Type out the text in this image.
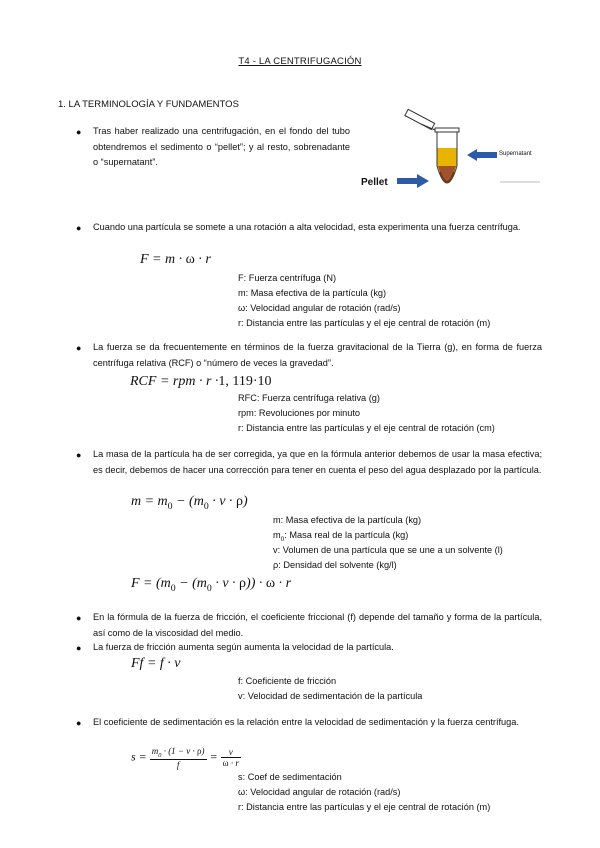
T4 - LA CENTRIFUGACIÓN
1. LA TERMINOLOGÍA Y FUNDAMENTOS
● Tras haber realizado una centrifugación, en el fondo del tubo obtendremos el sedimento o “pellet”; y al resto, sobrenadante o “supernatant”.
Supernatant
Pellet
● Cuando una partícula se somete a una rotación a alta velocidad, esta experimenta una fuerza centrífuga.
F = m · ω · r
F: Fuerza centrífuga (N)
m: Masa efectiva de la partícula (kg)
ω: Velocidad angular de rotación (rad/s)
r: Distancia entre las partículas y el eje central de rotación (m)
● La fuerza se da frecuentemente en términos de la fuerza gravitacional de la Tierra (g), en forma de fuerza centrífuga relativa (RCF) o “número de veces la gravedad”.
RCF = rpm · r ·1, 119·10
RFC: Fuerza centrífuga relativa (g)
rpm: Revoluciones por minuto
r: Distancia entre las partículas y el eje central de rotación (cm)
● La masa de la partícula ha de ser corregida, ya que en la fórmula anterior debemos de usar la masa efectiva; es decir, debemos de hacer una corrección para tener en cuenta el peso del agua desplazado por la partícula.
$m = m_0 - (m_0 \cdot v \cdot \rho)$
m: Masa efectiva de la partícula (kg)
$m_0$: Masa real de la partícula (kg)
v: Volumen de una partícula que se une a un solvente (l)
ρ: Densidad del solvente (kg/l)
$F = (m_0 - (m_0 \cdot v \cdot \rho)) \cdot \omega \cdot r$
● En la fórmula de la fuerza de fricción, el coeficiente friccional (f) depende del tamaño y forma de la partícula, así como de la viscosidad del medio.
● La fuerza de fricción aumenta según aumenta la velocidad de la partícula.
Ff = f · v
f: Coeficiente de fricción
v: Velocidad de sedimentación de la partícula
● El coeficiente de sedimentación es la relación entre la velocidad de sedimentación y la fuerza centrífuga.
$s = \frac{m_0 \cdot (1 - v \cdot \rho)}{f} = \frac{v}{\omega \cdot r}$
s: Coef de sedimentación
ω: Velocidad angular de rotación (rad/s)
r: Distancia entre las partículas y el eje central de rotación (m)
